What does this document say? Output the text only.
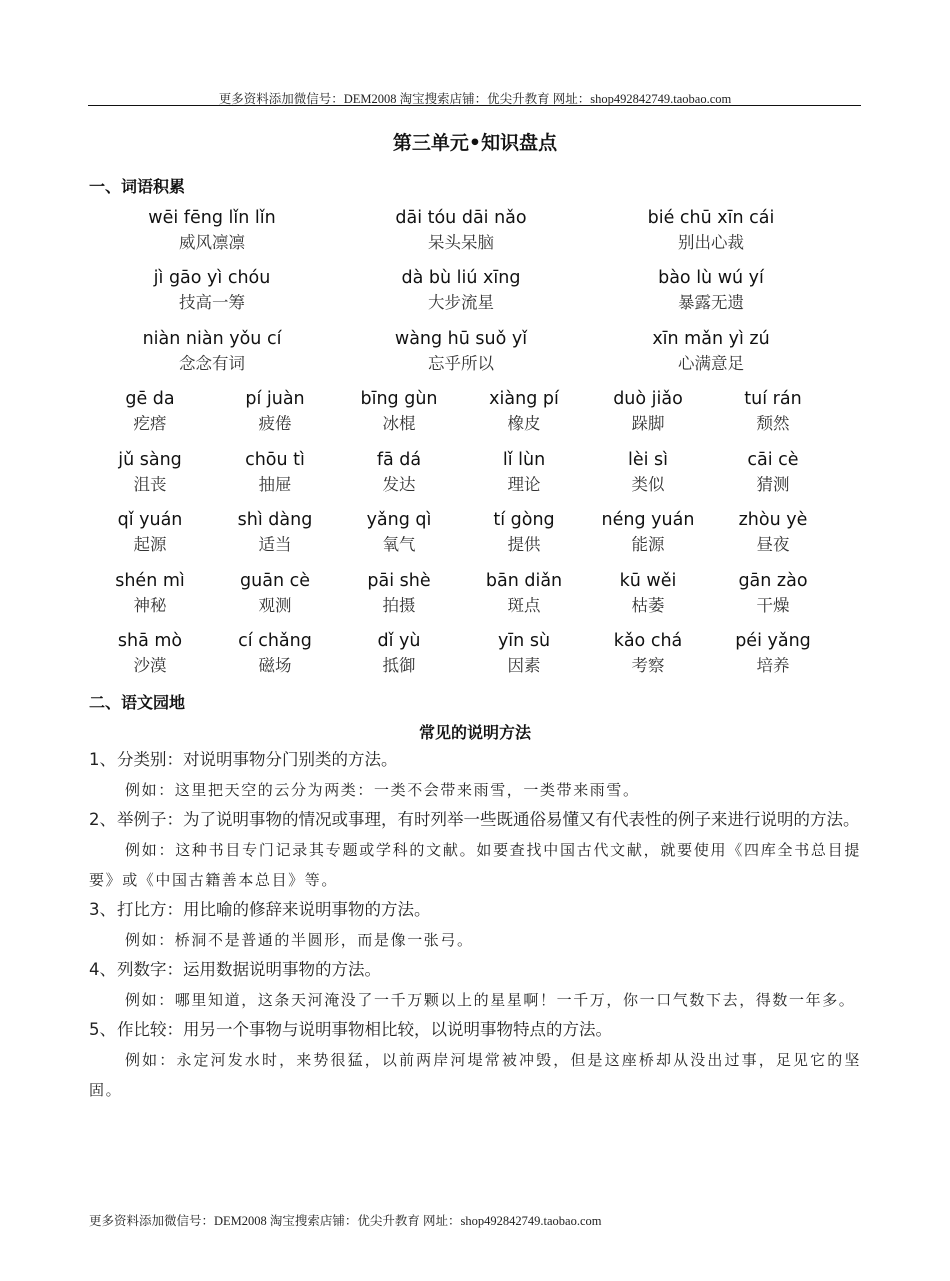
更多资料添加微信号：DEM2008 淘宝搜索店铺：优尖升教育 网址：shop492842749.taobao.com
第三单元•知识盘点
一、词语积累
wēi fēng lǐn lǐn
威风凛凛
dāi tóu dāi nǎo
呆头呆脑
bié chū xīn cái
别出心裁
jì gāo yì chóu
技高一筹
dà bù liú xīng
大步流星
bào lù wú yí
暴露无遗
niàn niàn yǒu cí
念念有词
wàng hū suǒ yǐ
忘乎所以
xīn mǎn yì zú
心满意足
gē da
疙瘩
pí juàn
疲倦
bīng gùn
冰棍
xiàng pí
橡皮
duò jiǎo
跺脚
tuí rán
颓然
jǔ sàng
沮丧
chōu tì
抽屉
fā dá
发达
lǐ lùn
理论
lèi sì
类似
cāi cè
猜测
qǐ yuán
起源
shì dàng
适当
yǎng qì
氧气
tí gòng
提供
néng yuán
能源
zhòu yè
昼夜
shén mì
神秘
guān cè
观测
pāi shè
拍摄
bān diǎn
斑点
kū wěi
枯萎
gān zào
干燥
shā mò
沙漠
cí chǎng
磁场
dǐ yù
抵御
yīn sù
因素
kǎo chá
考察
péi yǎng
培养
二、语文园地
常见的说明方法
1、分类别：对说明事物分门别类的方法。
例如：这里把天空的云分为两类：一类不会带来雨雪，一类带来雨雪。
2、举例子：为了说明事物的情况或事理，有时列举一些既通俗易懂又有代表性的例子来进行说明的方法。
例如：这种书目专门记录其专题或学科的文献。如要查找中国古代文献，就要使用《四库全书总目提要》或《中国古籍善本总目》等。
3、打比方：用比喻的修辞来说明事物的方法。
例如：桥洞不是普通的半圆形，而是像一张弓。
4、列数字：运用数据说明事物的方法。
例如：哪里知道，这条天河淹没了一千万颗以上的星星啊！一千万，你一口气数下去，得数一年多。
5、作比较：用另一个事物与说明事物相比较，以说明事物特点的方法。
例如：永定河发水时，来势很猛，以前两岸河堤常被冲毁，但是这座桥却从没出过事，足见它的坚固。
更多资料添加微信号：DEM2008 淘宝搜索店铺：优尖升教育 网址：shop492842749.taobao.com
